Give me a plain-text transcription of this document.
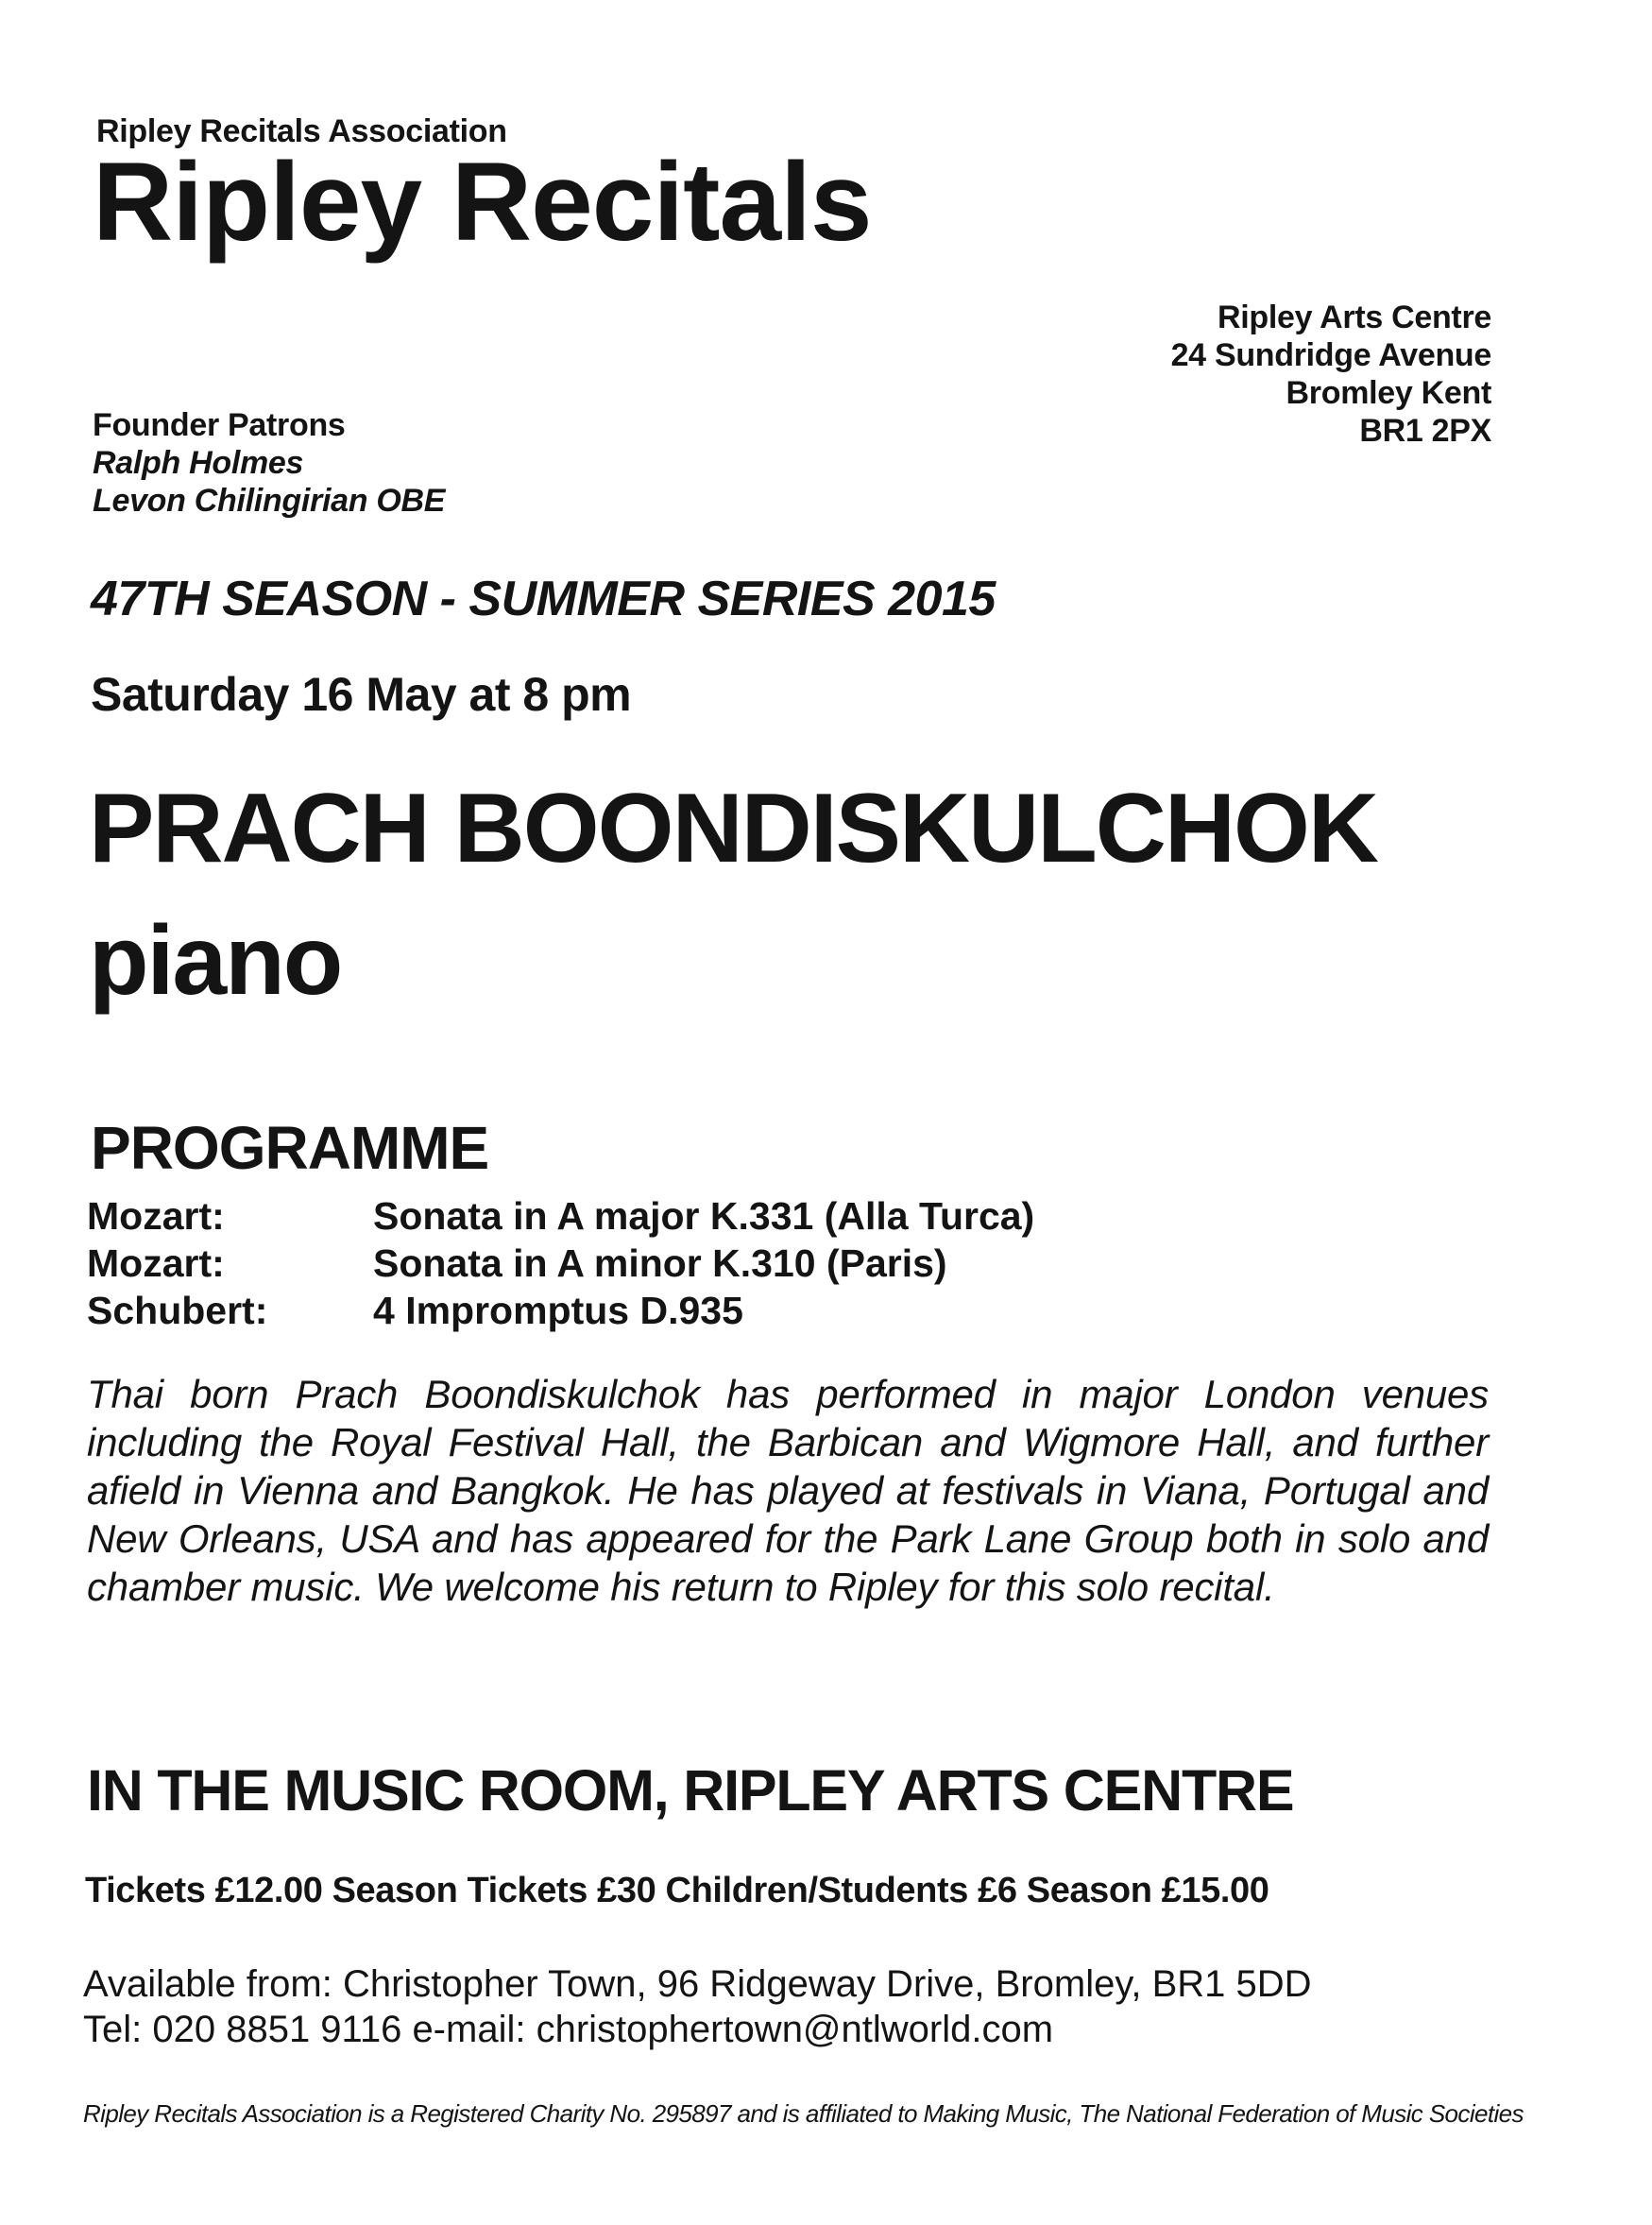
Ripley Recitals Association
Ripley Recitals
Ripley Arts Centre
24 Sundridge Avenue
Bromley Kent
BR1 2PX
Founder Patrons
Ralph Holmes
Levon Chilingirian OBE
47TH SEASON - SUMMER SERIES 2015
Saturday 16 May at 8 pm
PRACH BOONDISKULCHOK
piano
PROGRAMME
Mozart:	Sonata in A major K.331 (Alla Turca)
Mozart:	Sonata in A minor K.310 (Paris)
Schubert:	4 Impromptus D.935
Thai born Prach Boondiskulchok has performed in major London venues including the Royal Festival Hall, the Barbican and Wigmore Hall, and further afield in Vienna and Bangkok. He has played at festivals in Viana, Portugal and New Orleans, USA and has appeared for the Park Lane Group both in solo and chamber music. We welcome his return to Ripley for this solo recital.
IN THE MUSIC ROOM, RIPLEY ARTS CENTRE
Tickets £12.00 Season Tickets £30 Children/Students £6 Season £15.00
Available from: Christopher Town, 96 Ridgeway Drive, Bromley, BR1 5DD
Tel: 020 8851 9116 e-mail: christophertown@ntlworld.com
Ripley Recitals Association is a Registered Charity No. 295897 and is affiliated to Making Music, The National Federation of Music Societies
